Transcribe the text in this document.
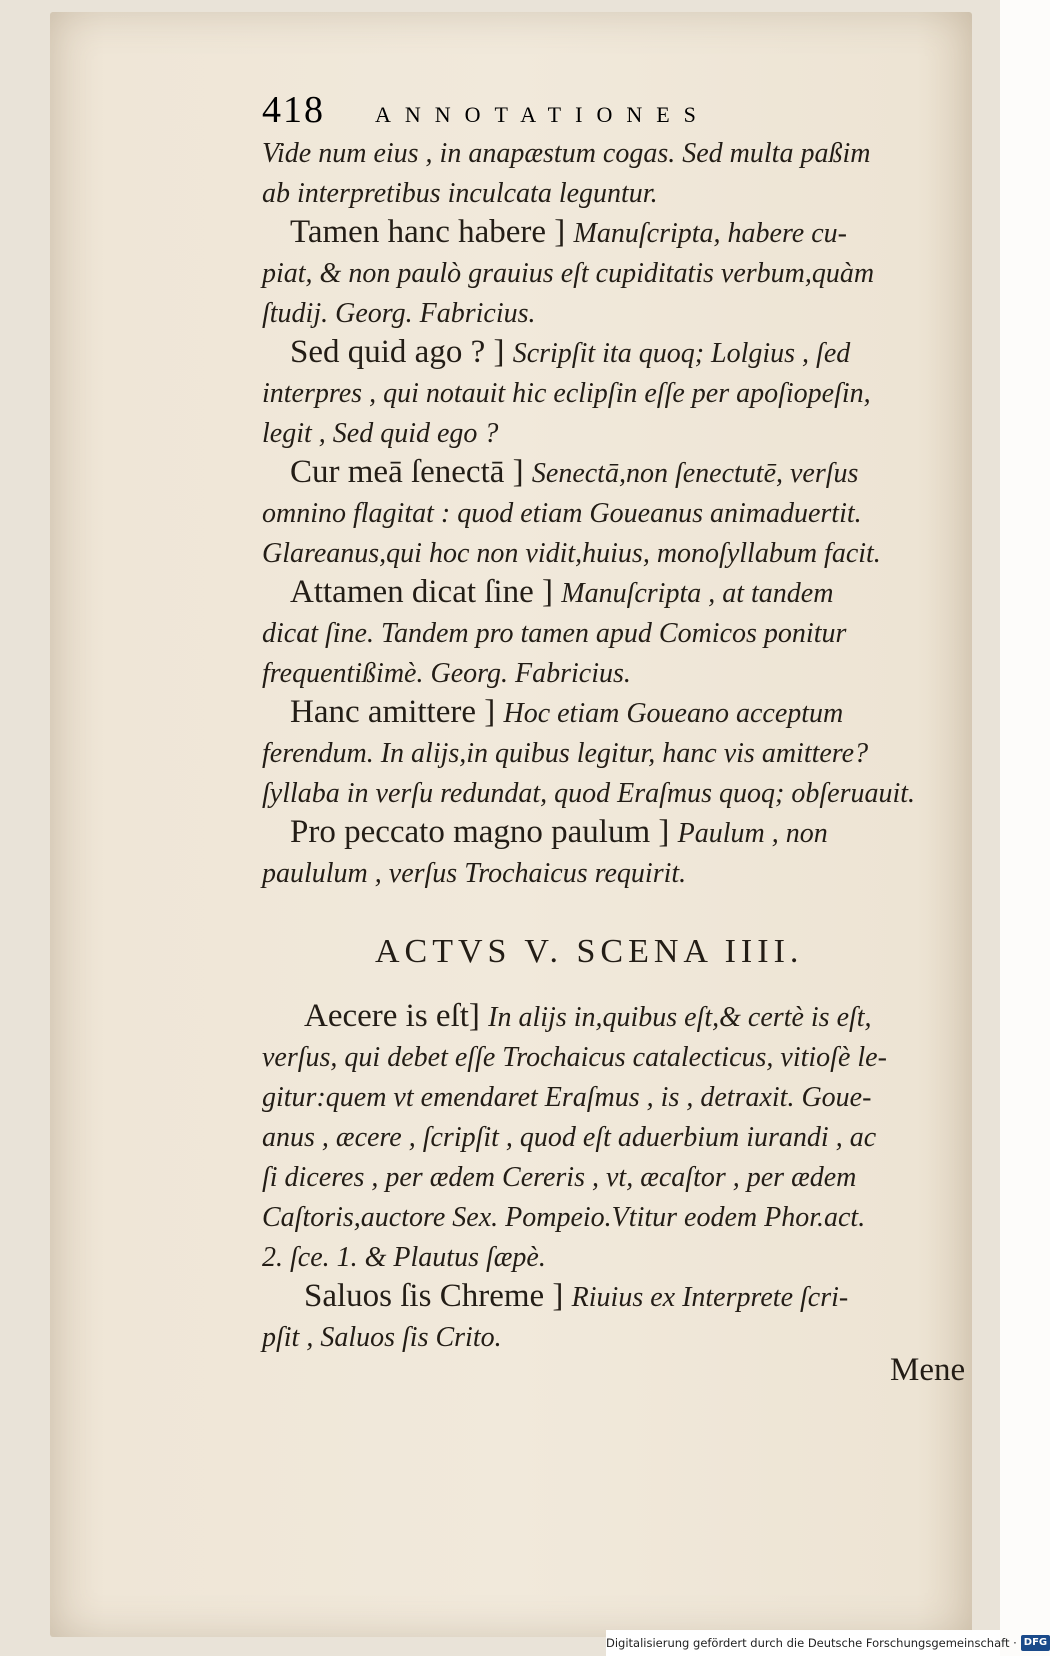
418 ANNOTATIONES
Vide num eius , in anapæstum cogas. Sed multa paßim
ab interpretibus inculcata leguntur.
Tamen hanc habere ] Manuſcripta, habere cu-
piat, & non paulò grauius eſt cupiditatis verbum,quàm
ſtudij. Georg. Fabricius.
Sed quid ago ? ] Scripſit ita quoq; Lolgius , ſed
interpres , qui notauit hic eclipſin eſſe per apoſiopeſin,
legit , Sed quid ego ?
Cur meā ſenectā ] Senectā,non ſenectutē, verſus
omnino flagitat : quod etiam Goueanus animaduertit.
Glareanus,qui hoc non vidit,huius, monoſyllabum facit.
Attamen dicat ſine ] Manuſcripta , at tandem
dicat ſine. Tandem pro tamen apud Comicos ponitur
frequentißimè. Georg. Fabricius.
Hanc amittere ] Hoc etiam Goueano acceptum
ferendum. In alijs,in quibus legitur, hanc vis amittere?
ſyllaba in verſu redundat, quod Eraſmus quoq; obſeruauit.
Pro peccato magno paulum ] Paulum , non
paululum , verſus Trochaicus requirit.
ACTVS V. SCENA IIII.
Aecere is eſt] In alijs in,quibus eſt,& certè is eſt,
verſus, qui debet eſſe Trochaicus catalecticus, vitioſè le-
gitur:quem vt emendaret Eraſmus , is , detraxit. Goue-
anus , æcere , ſcripſit , quod eſt aduerbium iurandi , ac
ſi diceres , per ædem Cereris , vt, æcaſtor , per ædem
Caſtoris,auctore Sex. Pompeio.Vtitur eodem Phor.act.
2. ſce. 1. & Plautus ſæpè.
Saluos ſis Chreme ] Riuius ex Interprete ſcri-
pſit , Saluos ſis Crito.
Mene
Digitalisierung gefördert durch die Deutsche Forschungsgemeinschaft · DFG
